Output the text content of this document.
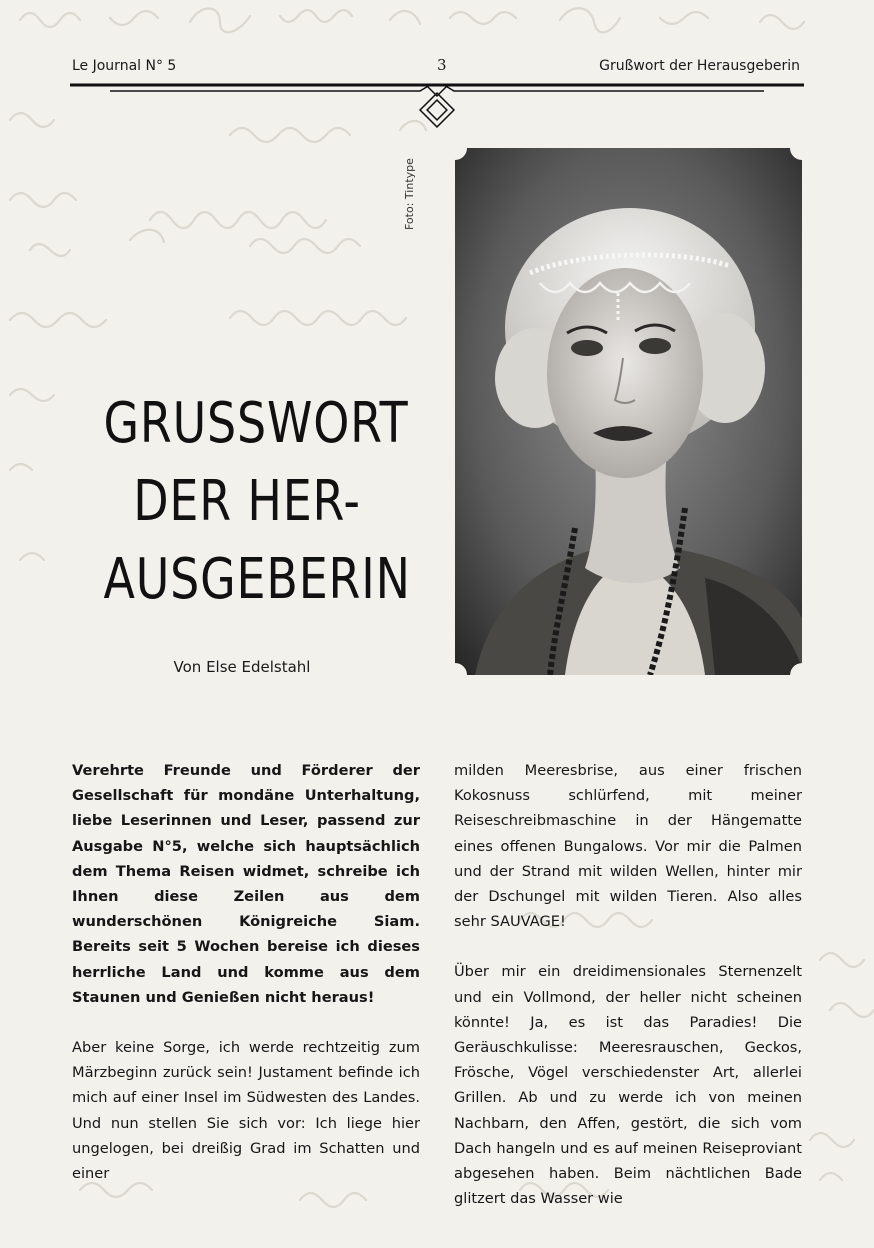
Le Journal N° 5	3	Grußwort der Herausgeberin
Foto: Tintype
GRUSSWORT
DER HER-
AUSGEBERIN
Von Else Edelstahl

Verehrte Freunde und Förderer der Gesellschaft für mondäne Unterhaltung, liebe Leserinnen und Leser, passend zur Ausgabe N°5, welche sich hauptsächlich dem Thema Reisen widmet, schreibe ich Ihnen diese Zeilen aus dem wunderschönen Königreiche Siam. Bereits seit 5 Wochen bereise ich dieses herrliche Land und komme aus dem Staunen und Genießen nicht heraus!

Aber keine Sorge, ich werde rechtzeitig zum Märzbeginn zurück sein! Justament befinde ich mich auf einer Insel im Südwesten des Landes. Und nun stellen Sie sich vor: Ich liege hier ungelogen, bei dreißig Grad im Schatten und einer

milden Meeresbrise, aus einer frischen Kokosnuss schlürfend, mit meiner Reiseschreibmaschine in der Hängematte eines offenen Bungalows. Vor mir die Palmen und der Strand mit wilden Wellen, hinter mir der Dschungel mit wilden Tieren. Also alles sehr SAUVAGE!

Über mir ein dreidimensionales Sternenzelt und ein Vollmond, der heller nicht scheinen könnte! Ja, es ist das Paradies! Die Geräuschkulisse: Meeresrauschen, Geckos, Frösche, Vögel verschiedenster Art, allerlei Grillen. Ab und zu werde ich von meinen Nachbarn, den Affen, gestört, die sich vom Dach hangeln und es auf meinen Reiseproviant abgesehen haben. Beim nächtlichen Bade glitzert das Wasser wie
